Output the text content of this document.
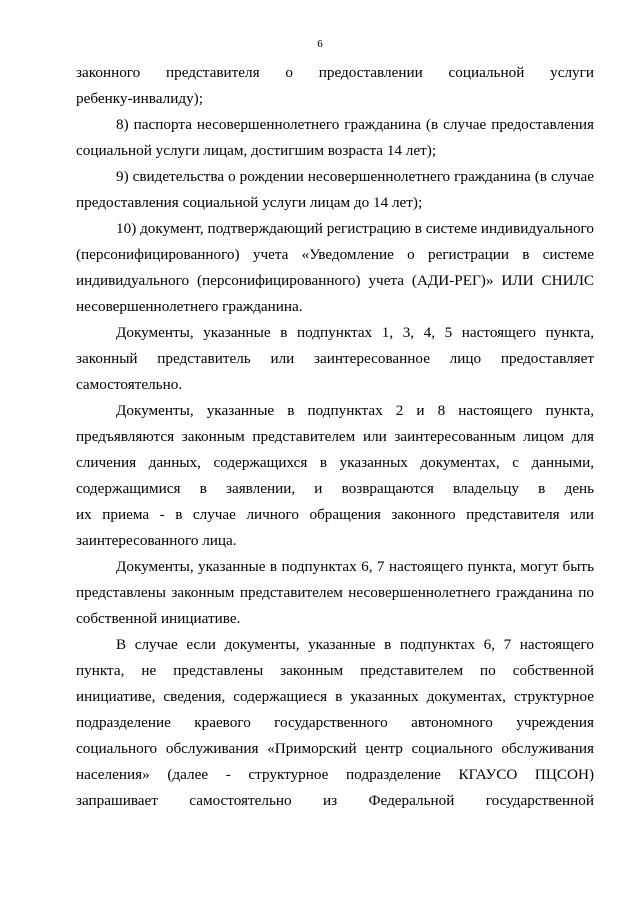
6
законного представителя о предоставлении социальной услуги
ребенку-инвалиду);
8) паспорта несовершеннолетнего гражданина (в случае предоставления
социальной услуги лицам, достигшим возраста 14 лет);
9) свидетельства о рождении несовершеннолетнего гражданина (в случае
предоставления социальной услуги лицам до 14 лет);
10) документ, подтверждающий регистрацию в системе индивидуального
(персонифицированного) учета «Уведомление о регистрации в системе
индивидуального (персонифицированного) учета (АДИ-РЕГ)» ИЛИ СНИЛС
несовершеннолетнего гражданина.
Документы, указанные в подпунктах 1, 3, 4, 5 настоящего пункта,
законный представитель или заинтересованное лицо предоставляет
самостоятельно.
Документы, указанные в подпунктах 2 и 8 настоящего пункта,
предъявляются законным представителем или заинтересованным лицом для
сличения данных, содержащихся в указанных документах, с данными,
содержащимися в заявлении, и возвращаются владельцу в день
их приема - в случае личного обращения законного представителя или
заинтересованного лица.
Документы, указанные в подпунктах 6, 7 настоящего пункта, могут быть
представлены законным представителем несовершеннолетнего гражданина по
собственной инициативе.
В случае если документы, указанные в подпунктах 6, 7 настоящего
пункта, не представлены законным представителем по собственной
инициативе, сведения, содержащиеся в указанных документах, структурное
подразделение краевого государственного автономного учреждения
социального обслуживания «Приморский центр социального обслуживания
населения» (далее - структурное подразделение КГАУСО ПЦСОН)
запрашивает самостоятельно из Федеральной государственной
